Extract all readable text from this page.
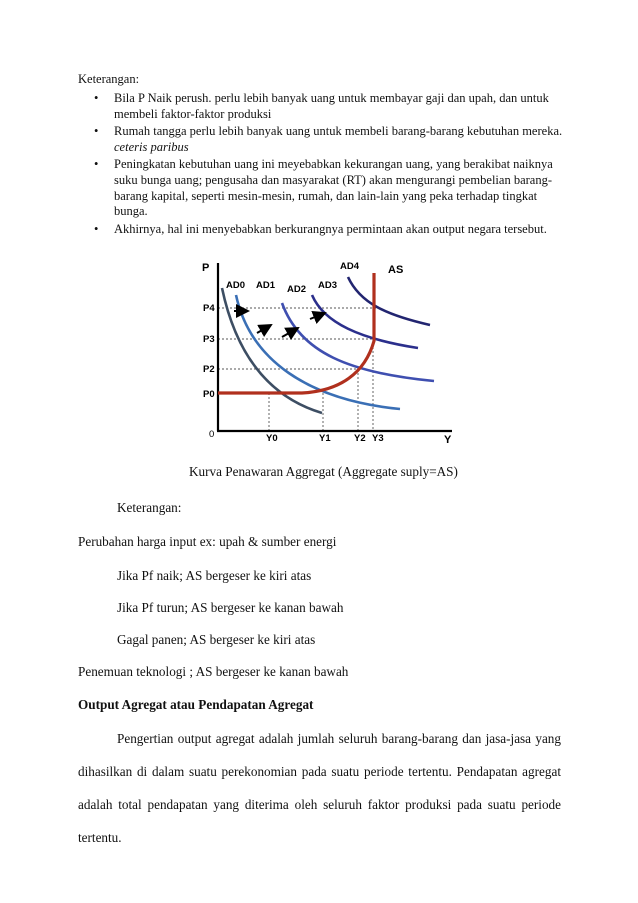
Keterangan:
• Bila P Naik perush. perlu lebih banyak uang untuk membayar gaji dan upah, dan untuk membeli faktor-faktor produksi
• Rumah tangga perlu lebih banyak uang untuk membeli barang-barang kebutuhan mereka. ceteris paribus
• Peningkatan kebutuhan uang ini meyebabkan kekurangan uang, yang berakibat naiknya suku bunga uang; pengusaha dan masyarakat (RT) akan mengurangi pembelian barang-barang kapital, seperti mesin-mesin, rumah, dan lain-lain yang peka terhadap tingkat bunga.
• Akhirnya, hal ini menyebabkan berkurangnya permintaan akan output negara tersebut.
P
Y
0
P0
P2
P3
P4
Y0	Y1 Y2 Y3
AD0 AD1 AD2 AD3
AD4	AS
Kurva Penawaran Aggregat (Aggregate suply=AS)
Keterangan:
Perubahan harga input ex: upah & sumber energi
Jika Pf naik; AS bergeser ke kiri atas
Jika Pf turun; AS bergeser ke kanan bawah
Gagal panen; AS bergeser ke kiri atas
Penemuan teknologi ; AS bergeser ke kanan bawah
Output Agregat atau Pendapatan Agregat
Pengertian output agregat adalah jumlah seluruh barang-barang dan jasa-jasa yang
dihasilkan di dalam suatu perekonomian pada suatu periode tertentu. Pendapatan agregat
adalah total pendapatan yang diterima oleh seluruh faktor produksi pada suatu periode
tertentu.
